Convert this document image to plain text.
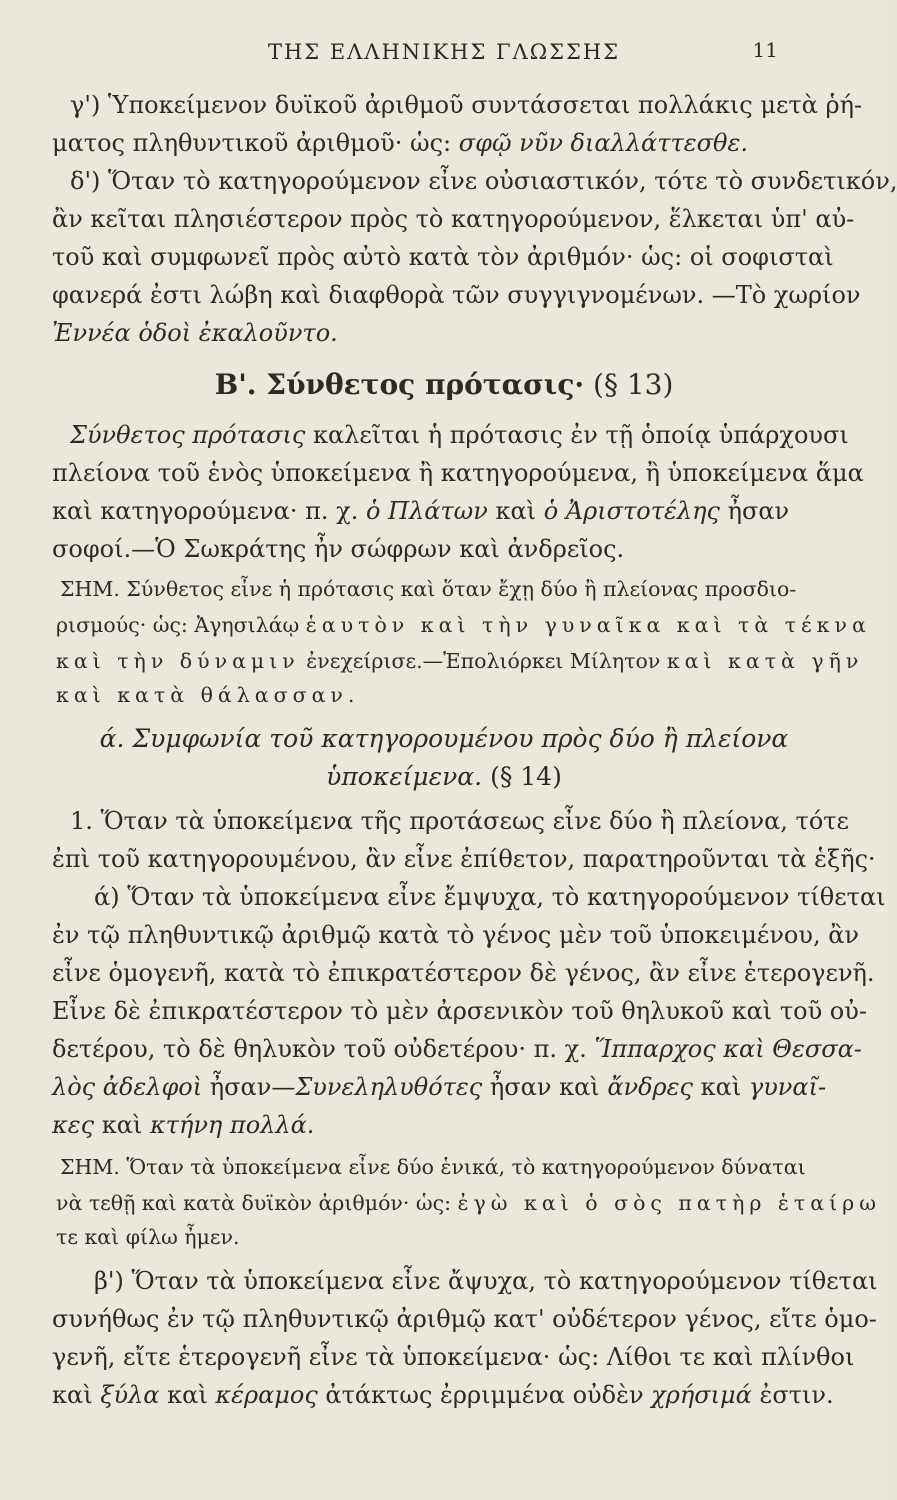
ΤΗΣ ΕΛΛΗΝΙΚΗΣ ΓΛΩΣΣΗΣ	11
γ') Ὑποκείμενον δυϊκοῦ ἀριθμοῦ συντάσσεται πολλάκις μετὰ ῥή-
ματος πληθυντικοῦ ἀριθμοῦ· ὡς: σφῷ νῦν διαλλάττεσθε.
δ') Ὅταν τὸ κατηγορούμενον εἶνε οὐσιαστικόν, τότε τὸ συνδετικόν,
ἂν κεῖται πλησιέστερον πρὸς τὸ κατηγορούμενον, ἕλκεται ὑπ' αὐ-
τοῦ καὶ συμφωνεῖ πρὸς αὐτὸ κατὰ τὸν ἀριθμόν· ὡς: οἱ σοφισταὶ
φανερά ἐστι λώβη καὶ διαφθορὰ τῶν συγγιγνομένων. —Τὸ χωρίον
Ἐννέα ὁδοὶ ἐκαλοῦντο.
Β'. Σύνθετος πρότασις· (§ 13)
Σύνθετος πρότασις καλεῖται ἡ πρότασις ἐν τῇ ὁποίᾳ ὑπάρχουσι
πλείονα τοῦ ἑνὸς ὑποκείμενα ἢ κατηγορούμενα, ἢ ὑποκείμενα ἅμα
καὶ κατηγορούμενα· π. χ. ὁ Πλάτων καὶ ὁ Ἀριστοτέλης ἦσαν
σοφοί.—Ὁ Σωκράτης ἦν σώφρων καὶ ἀνδρεῖος.
ΣΗΜ. Σύνθετος εἶνε ἡ πρότασις καὶ ὅταν ἔχῃ δύο ἢ πλείονας προσδιο-
ρισμούς· ὡς: Ἀγησιλάῳ ἑαυτὸν καὶ τὴν γυναῖκα καὶ τὰ τέκνα
καὶ τὴν δύναμιν ἐνεχείρισε.—Ἐπολιόρκει Μίλητον καὶ κατὰ γῆν
καὶ κατὰ θάλασσαν.
ά. Συμφωνία τοῦ κατηγορουμένου πρὸς δύο ἢ πλείονα
ὑποκείμενα. (§ 14)
1. Ὅταν τὰ ὑποκείμενα τῆς προτάσεως εἶνε δύο ἢ πλείονα, τότε
ἐπὶ τοῦ κατηγορουμένου, ἂν εἶνε ἐπίθετον, παρατηροῦνται τὰ ἑξῆς·
ά) Ὅταν τὰ ὑποκείμενα εἶνε ἔμψυχα, τὸ κατηγορούμενον τίθεται
ἐν τῷ πληθυντικῷ ἀριθμῷ κατὰ τὸ γένος μὲν τοῦ ὑποκειμένου, ἂν
εἶνε ὁμογενῆ, κατὰ τὸ ἐπικρατέστερον δὲ γένος, ἂν εἶνε ἑτερογενῆ.
Εἶνε δὲ ἐπικρατέστερον τὸ μὲν ἀρσενικὸν τοῦ θηλυκοῦ καὶ τοῦ οὐ-
δετέρου, τὸ δὲ θηλυκὸν τοῦ οὐδετέρου· π. χ. Ἵππαρχος καὶ Θεσσα-
λὸς ἀδελφοὶ ἦσαν—Συνεληλυθότες ἦσαν καὶ ἄνδρες καὶ γυναῖ-
κες καὶ κτήνη πολλά.
ΣΗΜ. Ὅταν τὰ ὑποκείμενα εἶνε δύο ἑνικά, τὸ κατηγορούμενον δύναται
νὰ τεθῇ καὶ κατὰ δυϊκὸν ἀριθμόν· ὡς: ἐγὼ καὶ ὁ σὸς πατὴρ ἑταίρω
τε καὶ φίλω ἦμεν.
β') Ὅταν τὰ ὑποκείμενα εἶνε ἄψυχα, τὸ κατηγορούμενον τίθεται
συνήθως ἐν τῷ πληθυντικῷ ἀριθμῷ κατ' οὐδέτερον γένος, εἴτε ὁμο-
γενῆ, εἴτε ἑτερογενῆ εἶνε τὰ ὑποκείμενα· ὡς: Λίθοι τε καὶ πλίνθοι
καὶ ξύλα καὶ κέραμος ἀτάκτως ἐρριμμένα οὐδὲν χρήσιμά ἐστιν.
